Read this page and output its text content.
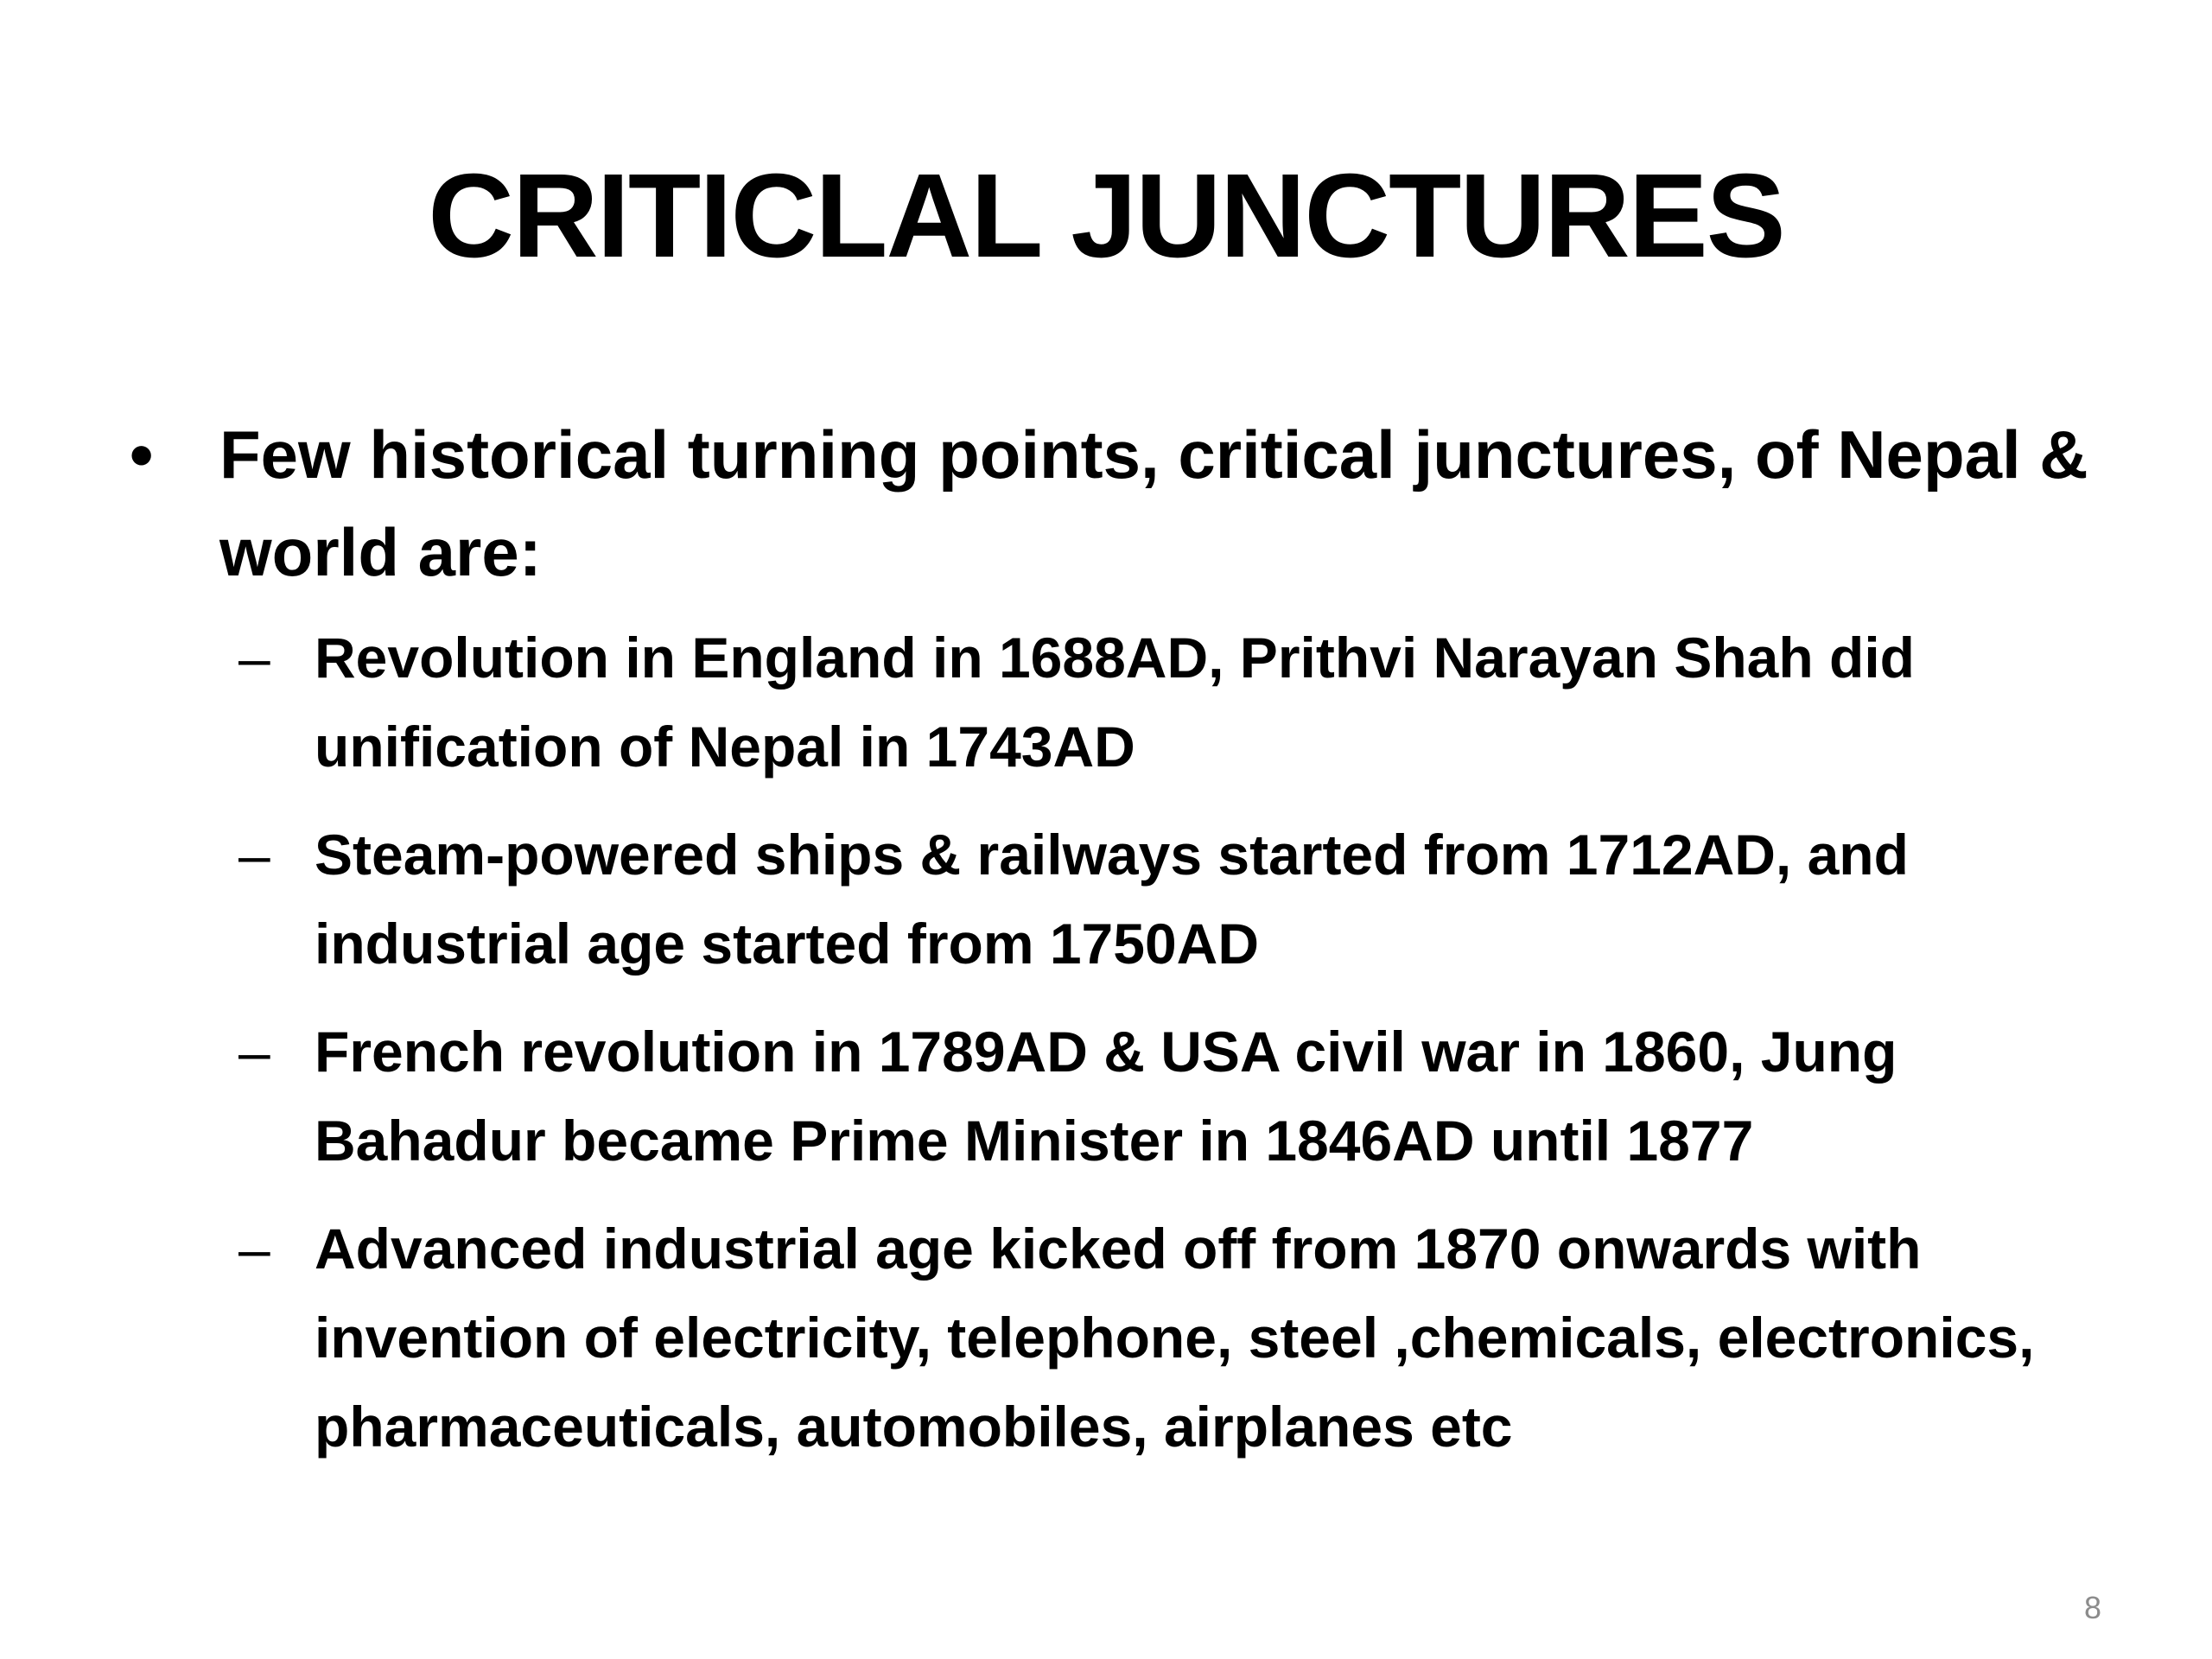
CRITICLAL JUNCTURES
• Few historical turning points, critical junctures, of Nepal & world are:
– Revolution in England in 1688AD, Prithvi Narayan Shah did unification of Nepal in 1743AD
– Steam-powered ships & railways started from 1712AD, and industrial age started from 1750AD
– French revolution in 1789AD & USA civil war in 1860, Jung Bahadur became Prime Minister in 1846AD until 1877
– Advanced industrial age kicked off from 1870 onwards with invention of electricity, telephone, steel ,chemicals, electronics, pharmaceuticals, automobiles, airplanes etc
8
